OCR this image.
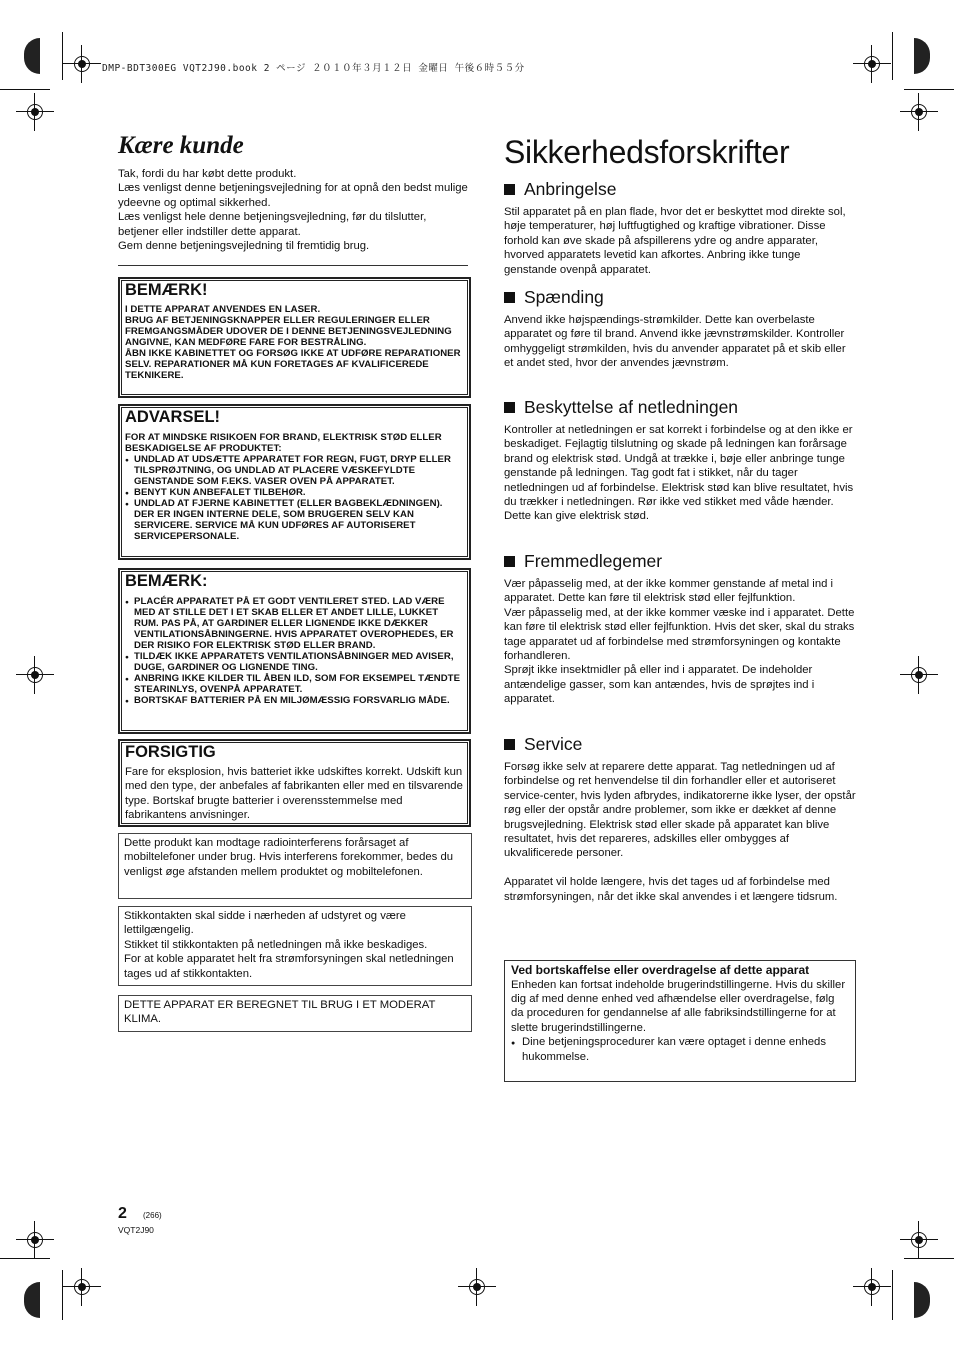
DMP-BDT300EG VQT2J90.book 2 ページ ２０１０年３月１２日 金曜日 午後６時５５分
Kære kunde

Tak, fordi du har købt dette produkt.

Læs venligst denne betjeningsvejledning for at opnå den bedst mulige ydeevne og optimal sikkerhed.

Læs venligst hele denne betjeningsvejledning, før du tilslutter, betjener eller indstiller dette apparat.

Gem denne betjeningsvejledning til fremtidig brug.

BEMÆRK!

I DETTE APPARAT ANVENDES EN LASER.

BRUG AF BETJENINGSKNAPPER ELLER REGULERINGER ELLER FREMGANGSMÅDER UDOVER DE I DENNE BETJENINGSVEJLEDNING ANGIVNE, KAN MEDFØRE FARE FOR BESTRÅLING.

ÅBN IKKE KABINETTET OG FORSØG IKKE AT UDFØRE REPARATIONER SELV. REPARATIONER MÅ KUN FORETAGES AF KVALIFICEREDE TEKNIKERE.

ADVARSEL!

FOR AT MINDSKE RISIKOEN FOR BRAND, ELEKTRISK STØD ELLER BESKADIGELSE AF PRODUKTET:

● UNDLAD AT UDSÆTTE APPARATET FOR REGN, FUGT, DRYP ELLER TILSPRØJTNING, OG UNDLAD AT PLACERE VÆSKEFYLDTE GENSTANDE SOM F.EKS. VASER OVEN PÅ APPARATET.
● BENYT KUN ANBEFALET TILBEHØR.
● UNDLAD AT FJERNE KABINETTET (ELLER BAGBEKLÆDNINGEN). DER ER INGEN INTERNE DELE, SOM BRUGEREN SELV KAN SERVICERE. SERVICE MÅ KUN UDFØRES AF AUTORISERET SERVICEPERSONALE.
BEMÆRK:
● PLACÉR APPARATET PÅ ET GODT VENTILERET STED. LAD VÆRE MED AT STILLE DET I ET SKAB ELLER ET ANDET LILLE, LUKKET RUM. PAS PÅ, AT GARDINER ELLER LIGNENDE IKKE DÆKKER VENTILATIONSÅBNINGERNE. HVIS APPARATET OVEROPHEDES, ER DER RISIKO FOR ELEKTRISK STØD ELLER BRAND.
● TILDÆK IKKE APPARATETS VENTILATIONSÅBNINGER MED AVISER, DUGE, GARDINER OG LIGNENDE TING.
● ANBRING IKKE KILDER TIL ÅBEN ILD, SOM FOR EKSEMPEL TÆNDTE STEARINLYS, OVENPÅ APPARATET.
● BORTSKAF BATTERIER PÅ EN MILJØMÆSSIG FORSVARLIG MÅDE.
FORSIGTIG
Fare for eksplosion, hvis batteriet ikke udskiftes korrekt. Udskift kun med den type, der anbefales af fabrikanten eller med en tilsvarende type. Bortskaf brugte batterier i overensstemmelse med fabrikantens anvisninger.

Dette produkt kan modtage radiointerferens forårsaget af mobiltelefoner under brug. Hvis interferens forekommer, bedes du venligst øge afstanden mellem produktet og mobiltelefonen.

Stikkontakten skal sidde i nærheden af udstyret og være lettilgængelig.

Stikket til stikkontakten på netledningen må ikke beskadiges.

For at koble apparatet helt fra strømforsyningen skal netledningen tages ud af stikkontakten.

DETTE APPARAT ER BEREGNET TIL BRUG I ET MODERAT KLIMA.

Sikkerhedsforskrifter
Anbringelse

Stil apparatet på en plan flade, hvor det er beskyttet mod direkte sol, høje temperaturer, høj luftfugtighed og kraftige vibrationer. Disse forhold kan øve skade på afspillerens ydre og andre apparater, hvorved apparatets levetid kan afkortes. Anbring ikke tunge genstande ovenpå apparatet.

Spænding

Anvend ikke højspændings-strømkilder. Dette kan overbelaste apparatet og føre til brand. Anvend ikke jævnstrømskilder. Kontroller omhyggeligt strømkilden, hvis du anvender apparatet på et skib eller et andet sted, hvor der anvendes jævnstrøm.

Beskyttelse af netledningen

Kontroller at netledningen er sat korrekt i forbindelse og at den ikke er beskadiget. Fejlagtig tilslutning og skade på ledningen kan forårsage brand og elektrisk stød. Undgå at trække i, bøje eller anbringe tunge genstande på ledningen. Tag godt fat i stikket, når du tager netledningen ud af forbindelse. Elektrisk stød kan blive resultatet, hvis du trækker i netledningen. Rør ikke ved stikket med våde hænder. Dette kan give elektrisk stød.

Fremmedlegemer

Vær påpasselig med, at der ikke kommer genstande af metal ind i apparatet. Dette kan føre til elektrisk stød eller fejlfunktion.

Vær påpasselig med, at der ikke kommer væske ind i apparatet. Dette kan føre til elektrisk stød eller fejlfunktion. Hvis det sker, skal du straks tage apparatet ud af forbindelse med strømforsyningen og kontakte forhandleren.

Sprøjt ikke insektmidler på eller ind i apparatet. De indeholder antændelige gasser, som kan antændes, hvis de sprøjtes ind i apparatet.

Service

Forsøg ikke selv at reparere dette apparat. Tag netledningen ud af forbindelse og ret henvendelse til din forhandler eller et autoriseret service-center, hvis lyden afbrydes, indikatorerne ikke lyser, der opstår røg eller der opstår andre problemer, som ikke er dækket af denne brugsvejledning. Elektrisk stød eller skade på apparatet kan blive resultatet, hvis det repareres, adskilles eller ombygges af ukvalificerede personer.

Apparatet vil holde længere, hvis det tages ud af forbindelse med strømforsyningen, når det ikke skal anvendes i et længere tidsrum.

Ved bortskaffelse eller overdragelse af dette apparat
Enheden kan fortsat indeholde brugerindstillingerne. Hvis du skiller dig af med denne enhed ved afhændelse eller overdragelse, følg da proceduren for gendannelse af alle fabriksindstillingerne for at slette brugerindstillingerne.
● Dine betjeningsprocedurer kan være optaget i denne enheds hukommelse.
2 (266)
VQT2J90
